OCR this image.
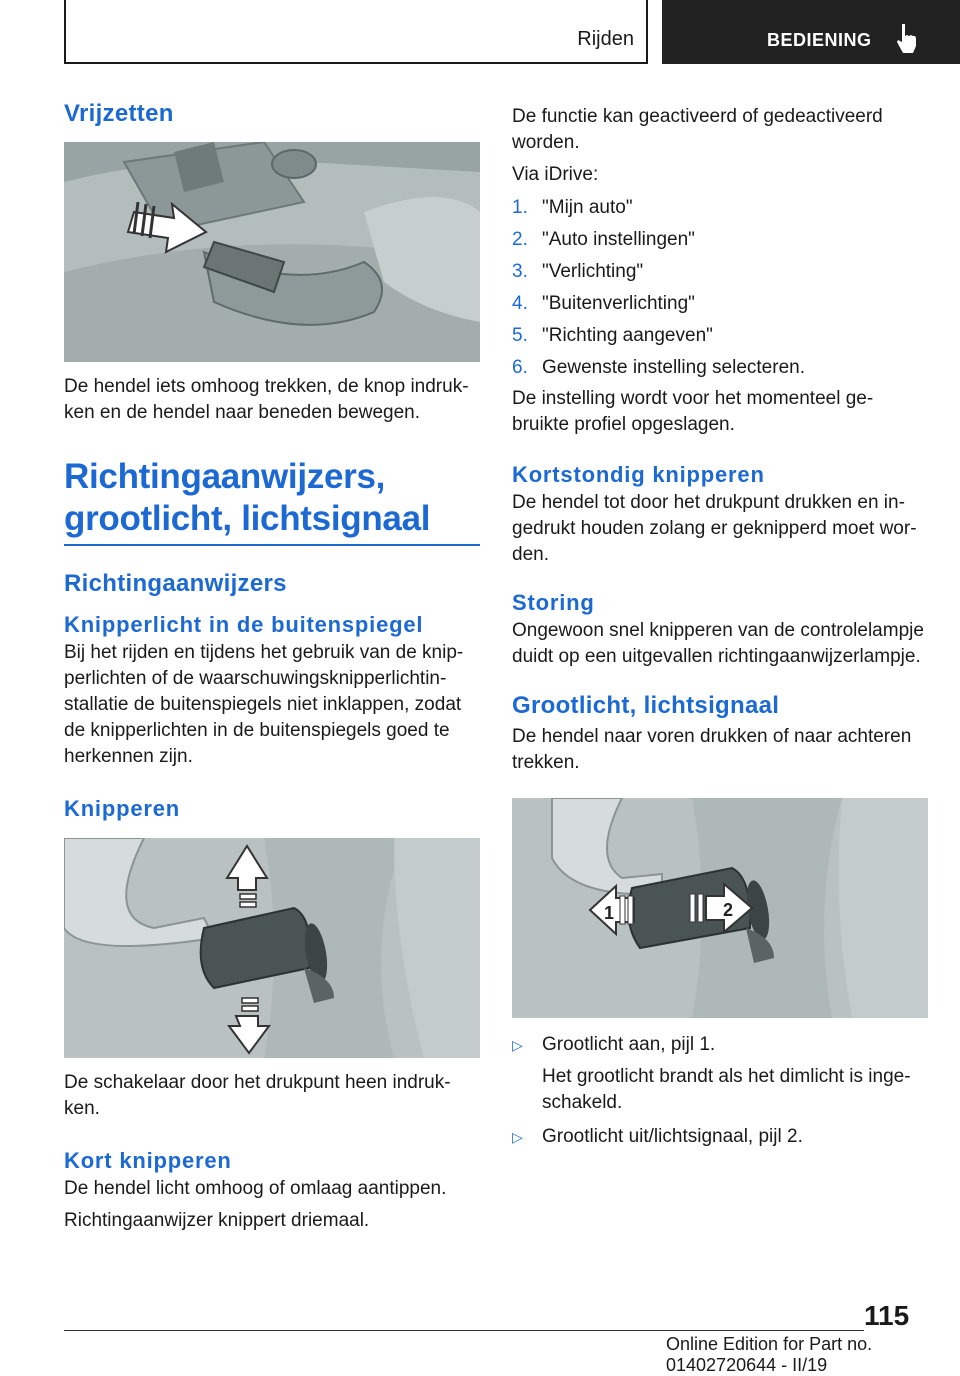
Rijden	BEDIENING
Vrijzetten

De hendel iets omhoog trekken, de knop indruk-ken en de hendel naar beneden bewegen.

Richtingaanwijzers, grootlicht, lichtsignaal
Richtingaanwijzers
Knipperlicht in de buitenspiegel

Bij het rijden en tijdens het gebruik van de knip-perlichten of de waarschuwingsknipperlichtin-stallatie de buitenspiegels niet inklappen, zodat de knipperlichten in de buitenspiegels goed te herkennen zijn.

Knipperen

De schakelaar door het drukpunt heen indruk-ken.

Kort knipperen

De hendel licht omhoog of omlaag aantippen.

Richtingaanwijzer knippert driemaal.

De functie kan geactiveerd of gedeactiveerd worden.

Via iDrive:

1. "Mijn auto"
2. "Auto instellingen"
3. "Verlichting"
4. "Buitenverlichting"
5. "Richting aangeven"
6. Gewenste instelling selecteren.

De instelling wordt voor het momenteel ge-bruikte profiel opgeslagen.

Kortstondig knipperen

De hendel tot door het drukpunt drukken en in-gedrukt houden zolang er geknipperd moet wor-den.

Storing

Ongewoon snel knipperen van de controlelampje duidt op een uitgevallen richtingaanwijzerlampje.

Grootlicht, lichtsignaal

De hendel naar voren drukken of naar achteren trekken.

1	2
▷ Grootlicht aan, pijl 1.

Het grootlicht brandt als het dimlicht is inge-schakeld.

▷ Grootlicht uit/lichtsignaal, pijl 2.
115
Online Edition for Part no. 01402720644 - II/19
